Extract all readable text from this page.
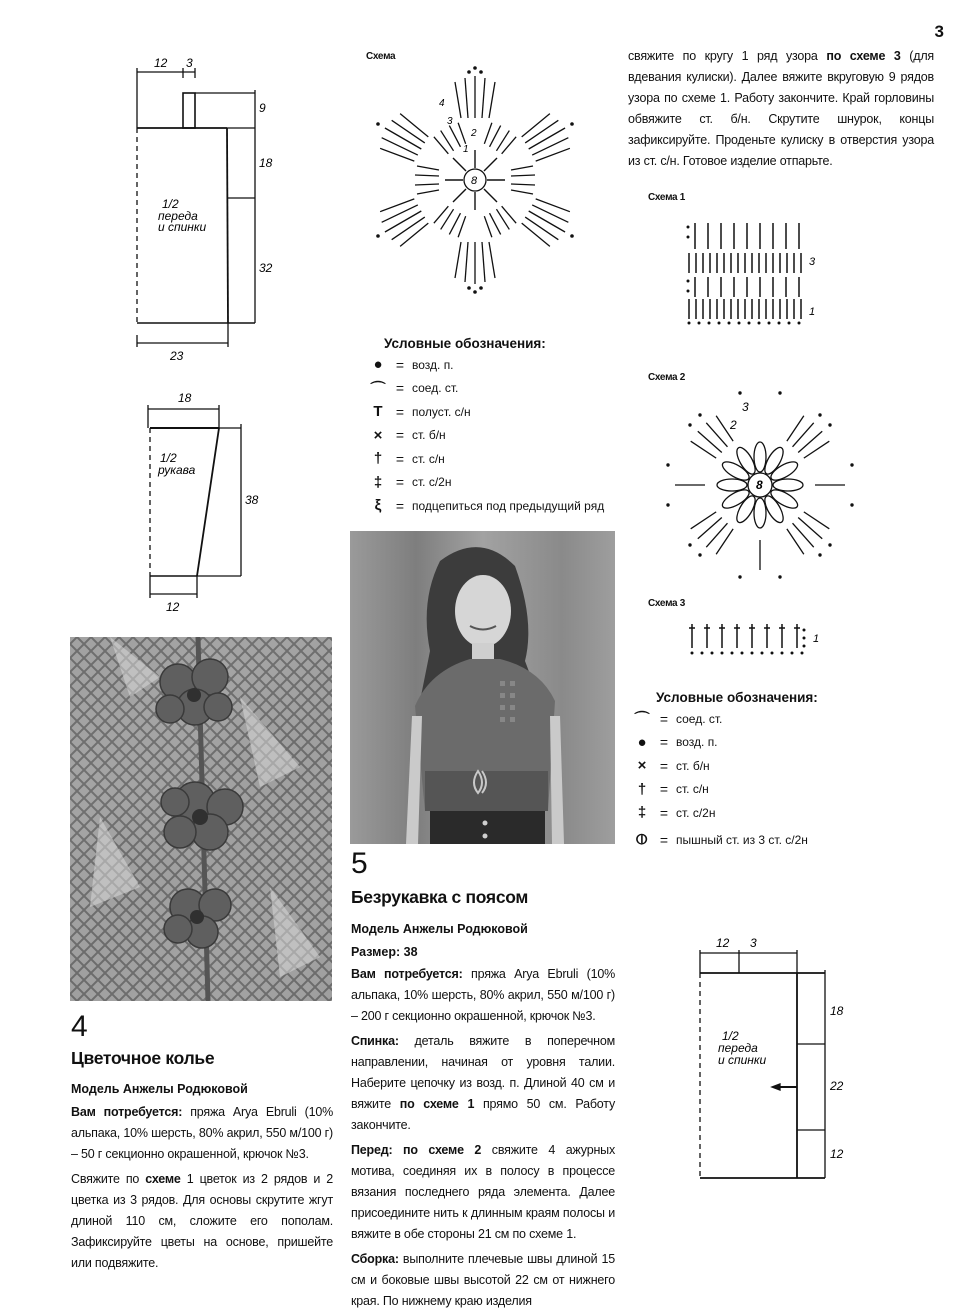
3
12 3
9
18
32
23
1/2
переда
и спинки
18
38
12
1/2
рукава
Схема
8
1
2
3
4
Условные обозначения:
● = возд. п.
⌒ = соед. ст.
T = полуст. с/н
× = ст. б/н
† = ст. с/н
‡ = ст. с/2н
ξ	= подцепиться под предыдущий ряд

свяжите по кругу 1 ряд узора по схеме 3 (для вдевания кулиски). Далее вяжите вкруговую 9 рядов узора по схеме 1. Работу закончите. Край горловины обвяжите ст. б/н. Скрутите шнурок, концы зафиксируйте. Проденьте кулиску в отверстия узора из ст. с/н. Готовое изделие отпарьте.

Схема 1
3
1
Схема 2
8
2
3
Схема 3
1
Условные обозначения:
⌒ = соед. ст.
● = возд. п.
× = ст. б/н
† = ст. с/н
‡ = ст. с/2н
⦶ = пышный ст. из 3 ст. с/2н
12 3
18
22
12
1/2
переда
и спинки
4
Цветочное колье
Модель Анжелы Родюковой

Вам потребуется: пряжа Arya Ebruli (10% альпака, 10% шерсть, 80% акрил, 550 м/100 г) – 50 г секционно окрашенной, крючок №3.

Свяжите по схеме 1 цветок из 2 рядов и 2 цветка из 3 рядов. Для основы скрутите жгут длиной 110 см, сложите его пополам. Зафиксируйте цветы на основе, пришейте или подвяжите.

5
Безрукавка с поясом
Модель Анжелы Родюковой
Размер: 38

Вам потребуется: пряжа Arya Ebruli (10% альпака, 10% шерсть, 80% акрил, 550 м/100 г) – 200 г секционно окрашенной, крючок №3.

Спинка: деталь вяжите в поперечном направлении, начиная от уровня талии. Наберите цепочку из возд. п. Длиной 40 см и вяжите по схеме 1 прямо 50 см. Работу закончите.

Перед: по схеме 2 свяжите 4 ажурных мотива, соединяя их в полосу в процессе вязания последнего ряда элемента. Далее присоедините нить к длинным краям полосы и вяжите в обе стороны 21 см по схеме 1.

Сборка: выполните плечевые швы длиной 15 см и боковые швы высотой 22 см от нижнего края. По нижнему краю изделия
